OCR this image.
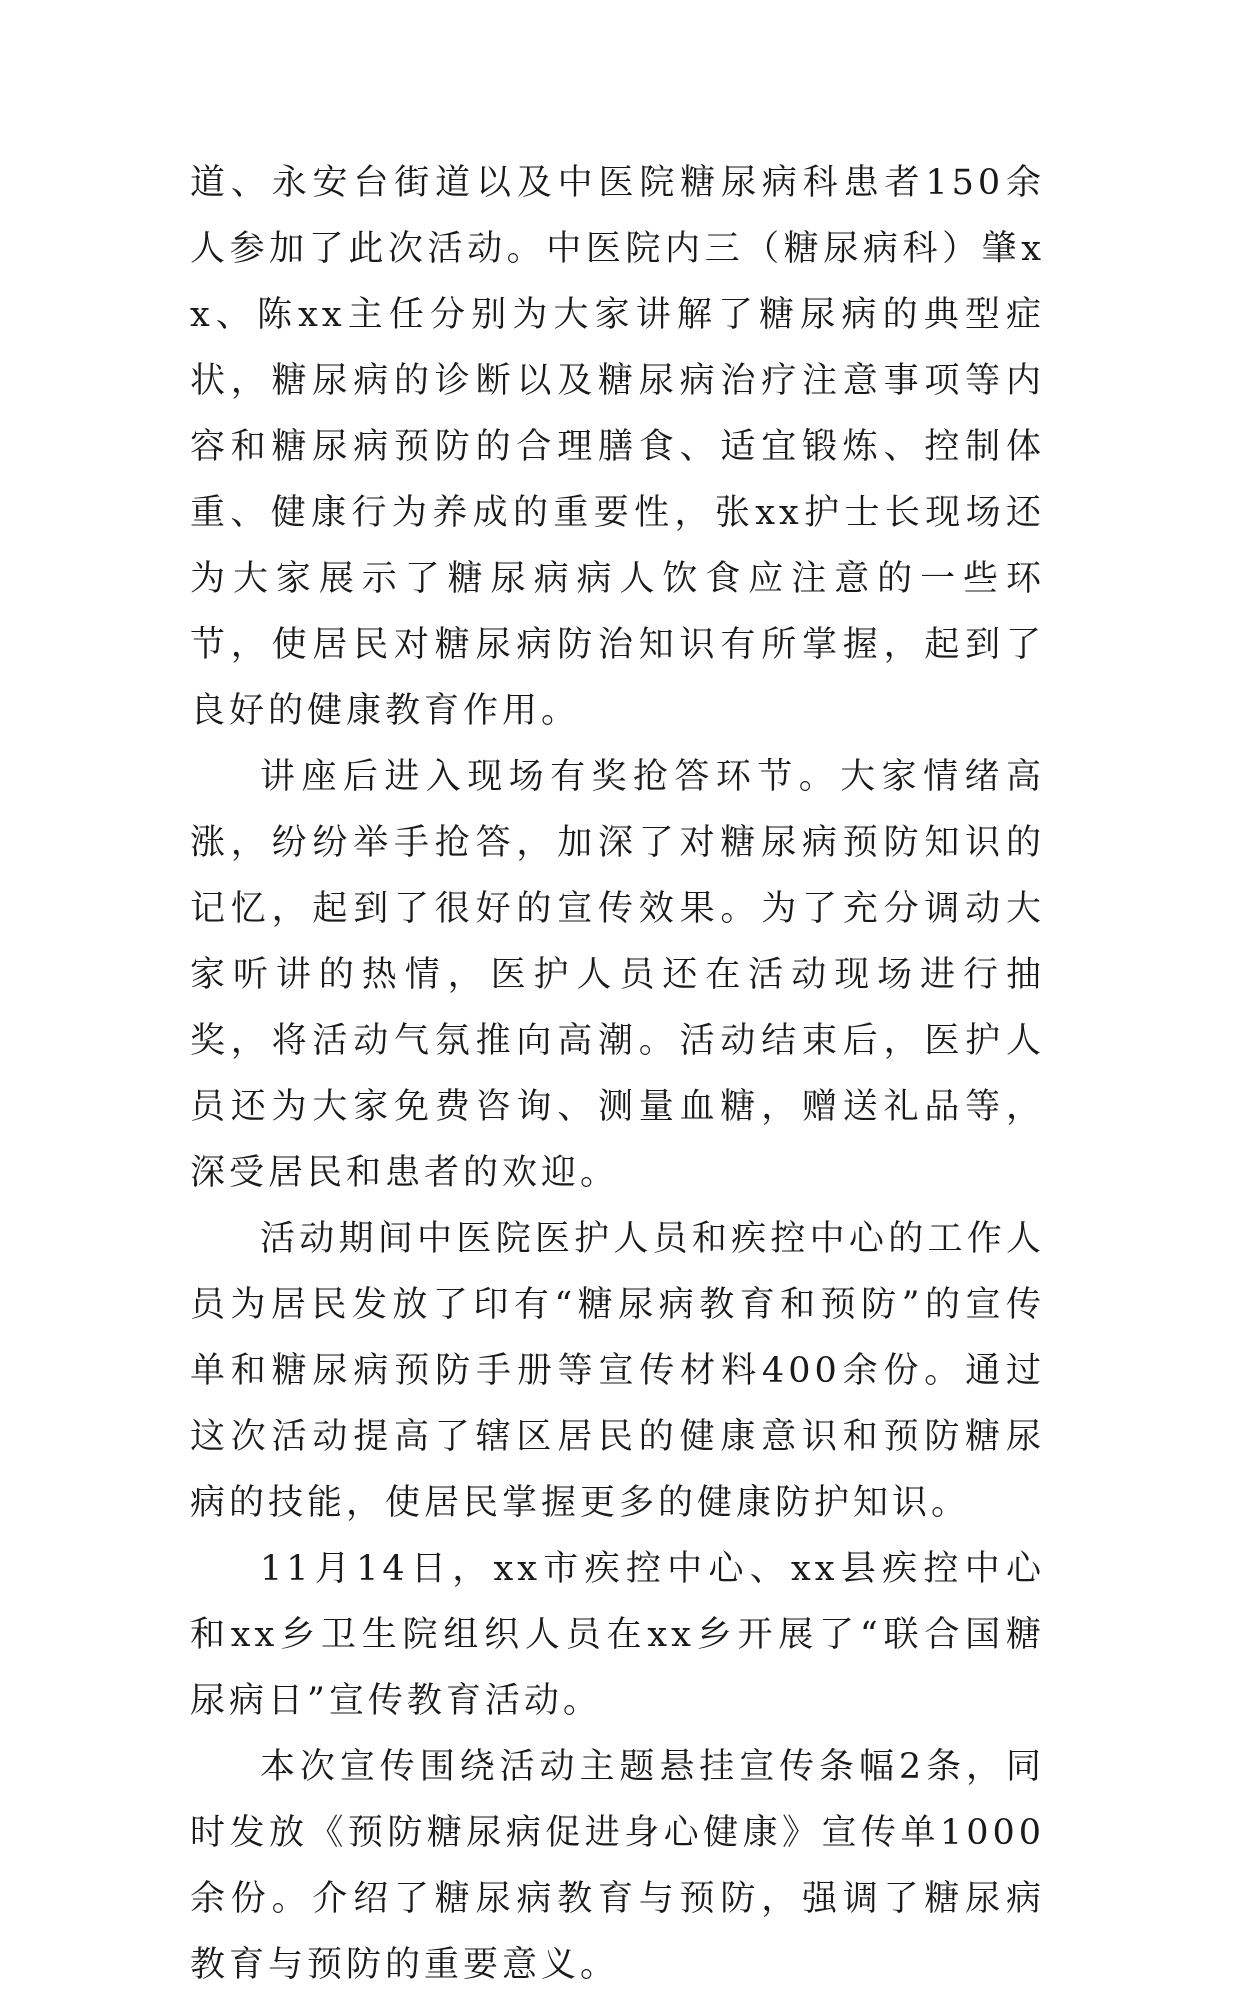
道、永安台街道以及中医院糖尿病科患者150余人参加了此次活动。中医院内三（糖尿病科）肇xx、陈xx主任分别为大家讲解了糖尿病的典型症状，糖尿病的诊断以及糖尿病治疗注意事项等内容和糖尿病预防的合理膳食、适宜锻炼、控制体重、健康行为养成的重要性，张xx护士长现场还为大家展示了糖尿病病人饮食应注意的一些环节，使居民对糖尿病防治知识有所掌握，起到了良好的健康教育作用。

讲座后进入现场有奖抢答环节。大家情绪高涨，纷纷举手抢答，加深了对糖尿病预防知识的记忆，起到了很好的宣传效果。为了充分调动大家听讲的热情，医护人员还在活动现场进行抽奖，将活动气氛推向高潮。活动结束后，医护人员还为大家免费咨询、测量血糖，赠送礼品等，深受居民和患者的欢迎。

活动期间中医院医护人员和疾控中心的工作人员为居民发放了印有“糖尿病教育和预防”的宣传单和糖尿病预防手册等宣传材料400余份。通过这次活动提高了辖区居民的健康意识和预防糖尿病的技能，使居民掌握更多的健康防护知识。

11月14日，xx市疾控中心、xx县疾控中心和xx乡卫生院组织人员在xx乡开展了“联合国糖尿病日”宣传教育活动。

本次宣传围绕活动主题悬挂宣传条幅2条，同时发放《预防糖尿病促进身心健康》宣传单1000余份。介绍了糖尿病教育与预防，强调了糖尿病教育与预防的重要意义。
